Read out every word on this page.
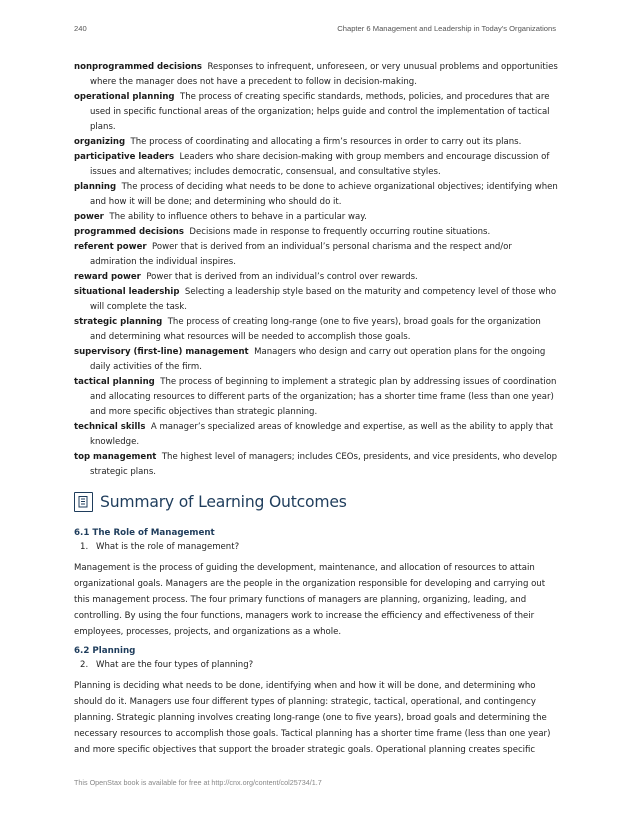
240	Chapter 6 Management and Leadership in Today's Organizations

nonprogrammed decisions Responses to infrequent, unforeseen, or very unusual problems and opportunities where the manager does not have a precedent to follow in decision-making.

operational planning The process of creating specific standards, methods, policies, and procedures that are used in specific functional areas of the organization; helps guide and control the implementation of tactical plans.

organizing The process of coordinating and allocating a firm’s resources in order to carry out its plans.

participative leaders Leaders who share decision-making with group members and encourage discussion of issues and alternatives; includes democratic, consensual, and consultative styles.

planning The process of deciding what needs to be done to achieve organizational objectives; identifying when and how it will be done; and determining who should do it.

power The ability to influence others to behave in a particular way.

programmed decisions Decisions made in response to frequently occurring routine situations.

referent power Power that is derived from an individual’s personal charisma and the respect and/or admiration the individual inspires.

reward power Power that is derived from an individual’s control over rewards.

situational leadership Selecting a leadership style based on the maturity and competency level of those who will complete the task.

strategic planning The process of creating long-range (one to five years), broad goals for the organization and determining what resources will be needed to accomplish those goals.

supervisory (first-line) management Managers who design and carry out operation plans for the ongoing daily activities of the firm.

tactical planning The process of beginning to implement a strategic plan by addressing issues of coordination and allocating resources to different parts of the organization; has a shorter time frame (less than one year) and more specific objectives than strategic planning.

technical skills A manager’s specialized areas of knowledge and expertise, as well as the ability to apply that knowledge.

top management The highest level of managers; includes CEOs, presidents, and vice presidents, who develop strategic plans.

Summary of Learning Outcomes
6.1 The Role of Management
1. What is the role of management?

Management is the process of guiding the development, maintenance, and allocation of resources to attain organizational goals. Managers are the people in the organization responsible for developing and carrying out this management process. The four primary functions of managers are planning, organizing, leading, and controlling. By using the four functions, managers work to increase the efficiency and effectiveness of their employees, processes, projects, and organizations as a whole.

6.2 Planning
2. What are the four types of planning?

Planning is deciding what needs to be done, identifying when and how it will be done, and determining who should do it. Managers use four different types of planning: strategic, tactical, operational, and contingency planning. Strategic planning involves creating long-range (one to five years), broad goals and determining the necessary resources to accomplish those goals. Tactical planning has a shorter time frame (less than one year) and more specific objectives that support the broader strategic goals. Operational planning creates specific

This OpenStax book is available for free at http://cnx.org/content/col25734/1.7
